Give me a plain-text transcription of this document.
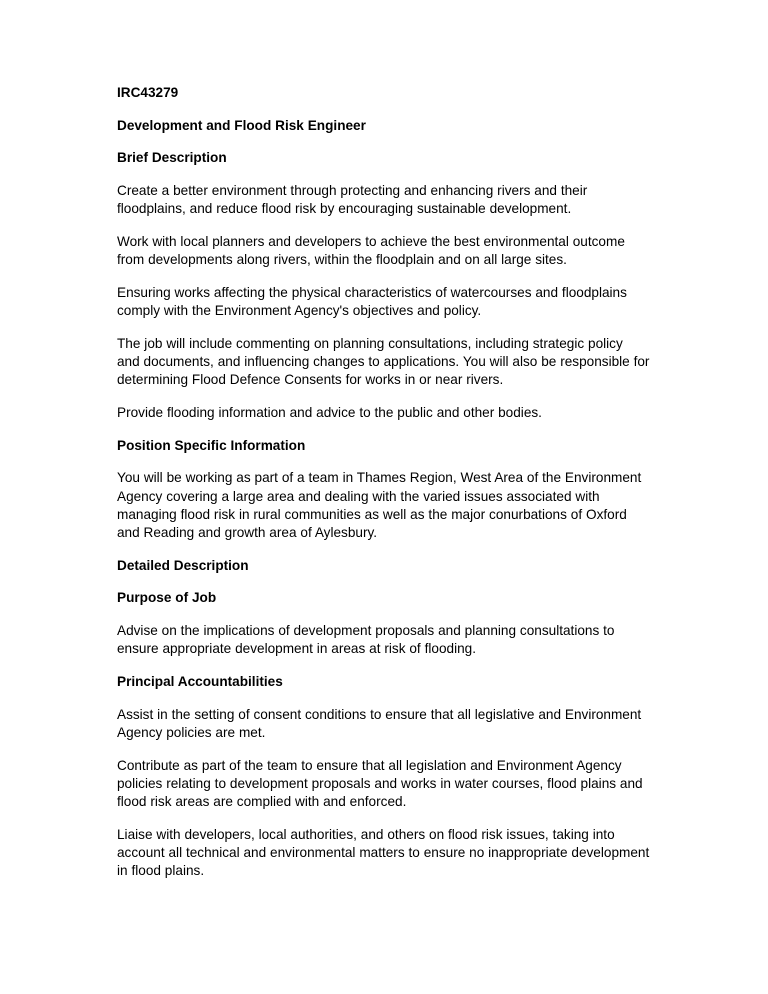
IRC43279

Development and Flood Risk Engineer

Brief Description

Create a better environment through protecting and enhancing rivers and their floodplains, and reduce flood risk by encouraging sustainable development.

Work with local planners and developers to achieve the best environmental outcome from developments along rivers, within the floodplain and on all large sites.

Ensuring works affecting the physical characteristics of watercourses and floodplains comply with the Environment Agency's objectives and policy.

The job will include commenting on planning consultations, including strategic policy  and documents, and influencing changes to applications. You will also be responsible for determining Flood Defence Consents for works in or near rivers.

Provide flooding information and advice to the public and other bodies.

Position Specific Information

You will be working as part of a team in Thames Region, West Area of the Environment Agency covering a large area and dealing with the varied issues associated with managing flood risk in rural communities as well as the major conurbations of Oxford and Reading and growth area of Aylesbury.

Detailed Description

Purpose of Job

Advise on the implications of development proposals and planning consultations to ensure appropriate development in areas at risk of flooding.

Principal Accountabilities

Assist in the setting of consent conditions to ensure that all legislative and Environment Agency policies are met.

Contribute as part of the team to ensure that all legislation and Environment Agency policies relating to development proposals and works in water courses, flood plains and flood risk areas are complied with and enforced.

Liaise with developers, local authorities, and others on flood risk issues, taking into account all technical and environmental matters to ensure no inappropriate development in flood plains.
